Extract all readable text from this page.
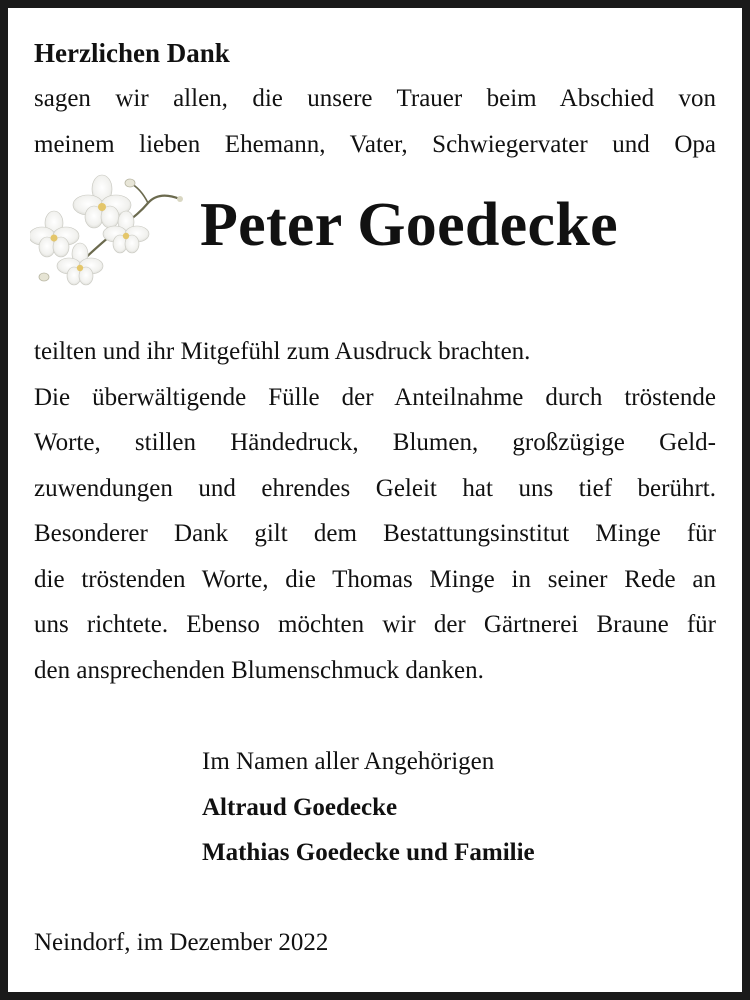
Herzlichen Dank

sagen wir allen, die unsere Trauer beim Abschied von

meinem lieben Ehemann, Vater, Schwiegervater und Opa

Peter Goedecke

teilten und ihr Mitgefühl zum Ausdruck brachten.

Die überwältigende Fülle der Anteilnahme durch tröstende

Worte, stillen Händedruck, Blumen, großzügige Geld-

zuwendungen und ehrendes Geleit hat uns tief berührt.

Besonderer Dank gilt dem Bestattungsinstitut Minge für

die tröstenden Worte, die Thomas Minge in seiner Rede an

uns richtete. Ebenso möchten wir der Gärtnerei Braune für

den ansprechenden Blumenschmuck danken.

Im Namen aller Angehörigen

Altraud Goedecke

Mathias Goedecke und Familie

Neindorf, im Dezember 2022
